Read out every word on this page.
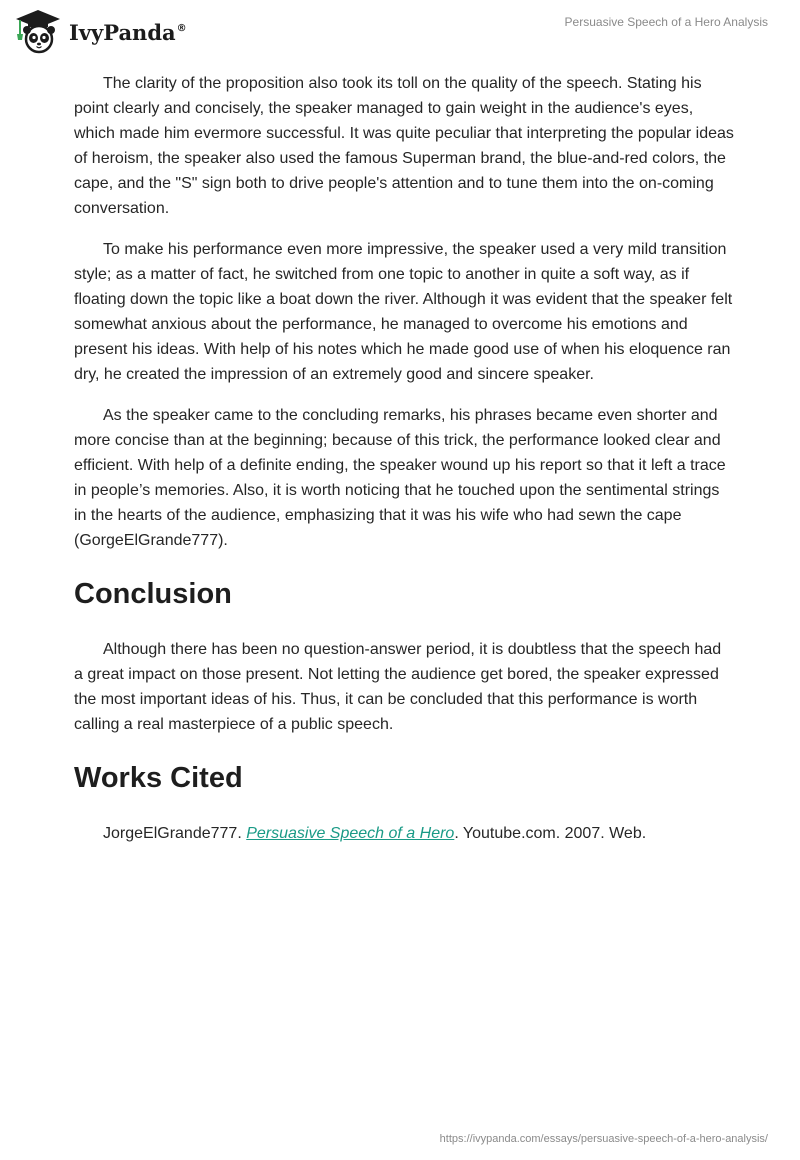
IvyPanda®	Persuasive Speech of a Hero Analysis

The clarity of the proposition also took its toll on the quality of the speech. Stating his point clearly and concisely, the speaker managed to gain weight in the audience's eyes, which made him evermore successful. It was quite peculiar that interpreting the popular ideas of heroism, the speaker also used the famous Superman brand, the blue-and-red colors, the cape, and the "S" sign both to drive people's attention and to tune them into the on-coming conversation.

To make his performance even more impressive, the speaker used a very mild transition style; as a matter of fact, he switched from one topic to another in quite a soft way, as if floating down the topic like a boat down the river. Although it was evident that the speaker felt somewhat anxious about the performance, he managed to overcome his emotions and present his ideas. With help of his notes which he made good use of when his eloquence ran dry, he created the impression of an extremely good and sincere speaker.

As the speaker came to the concluding remarks, his phrases became even shorter and more concise than at the beginning; because of this trick, the performance looked clear and efficient. With help of a definite ending, the speaker wound up his report so that it left a trace in people’s memories. Also, it is worth noticing that he touched upon the sentimental strings in the hearts of the audience, emphasizing that it was his wife who had sewn the cape (GorgeElGrande777).

Conclusion

Although there has been no question-answer period, it is doubtless that the speech had a great impact on those present. Not letting the audience get bored, the speaker expressed the most important ideas of his. Thus, it can be concluded that this performance is worth calling a real masterpiece of a public speech.

Works Cited

JorgeElGrande777. Persuasive Speech of a Hero. Youtube.com. 2007. Web.

https://ivypanda.com/essays/persuasive-speech-of-a-hero-analysis/
